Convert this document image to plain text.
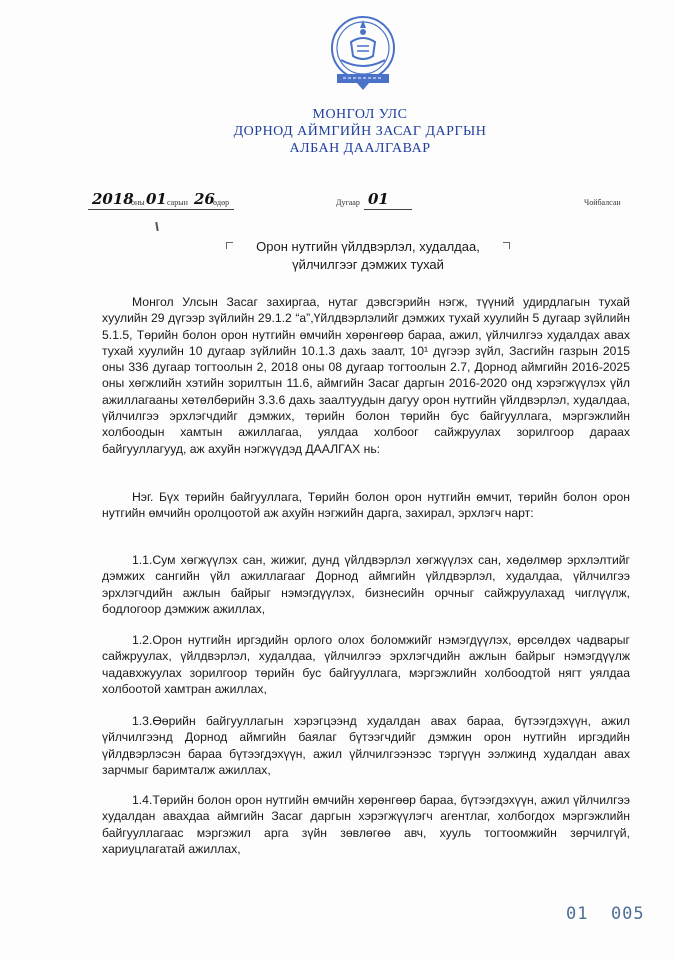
МОНГОЛ УЛС
ДОРНОД АЙМГИЙН ЗАСАГ ДАРГЫН
АЛБАН ДААЛГАВАР
2018
оны 01 сарын 26
өдөр	Дугаар 01	Чойбалсан
Орон нутгийн үйлдвэрлэл, худалдаа,
үйлчилгээг дэмжих тухай
Монгол Улсын Засаг захиргаа, нутаг дэвсгэрийн нэгж, түүний удирдлагын тухай хуулийн 29 дүгээр зүйлийн 29.1.2 “а”,Үйлдвэрлэлийг дэмжих тухай хуулийн 5 дугаар зүйлийн 5.1.5, Төрийн болон орон нутгийн өмчийн хөрөнгөөр бараа, ажил, үйлчилгээ худалдах авах тухай хуулийн 10 дугаар зүйлийн 10.1.3 дахь заалт, 10¹ дүгээр зүйл, Засгийн газрын 2015 оны 336 дугаар тогтоолын 2, 2018 оны 08 дугаар тогтоолын 2.7, Дорнод аймгийн 2016-2025 оны хөгжлийн хэтийн зорилтын 11.6, аймгийн Засаг даргын 2016-2020 онд хэрэгжүүлэх үйл ажиллагааны хөтөлбөрийн 3.3.6 дахь заалтуудын дагуу орон нутгийн үйлдвэрлэл, худалдаа, үйлчилгээ эрхлэгчдийг дэмжих, төрийн болон төрийн бус байгууллага, мэргэжлийн холбоодын хамтын ажиллагаа, уялдаа холбоог сайжруулах зорилгоор дараах байгууллагууд, аж ахуйн нэгжүүдэд ДААЛГАХ нь:
Нэг. Бүх төрийн байгууллага, Төрийн болон орон нутгийн өмчит, төрийн болон орон нутгийн өмчийн оролцоотой аж ахуйн нэгжийн дарга, захирал, эрхлэгч нарт:
1.1.Сум хөгжүүлэх сан, жижиг, дунд үйлдвэрлэл хөгжүүлэх сан, хөдөлмөр эрхлэлтийг дэмжих сангийн үйл ажиллагааг Дорнод аймгийн үйлдвэрлэл, худалдаа, үйлчилгээ эрхлэгчдийн ажлын байрыг нэмэгдүүлэх, бизнесийн орчныг сайжруулахад чиглүүлж, бодлогоор дэмжиж ажиллах,
1.2.Орон нутгийн иргэдийн орлого олох боломжийг нэмэгдүүлэх, өрсөлдөх чадварыг сайжруулах, үйлдвэрлэл, худалдаа, үйлчилгээ эрхлэгчдийн ажлын байрыг нэмэгдүүлж чадавхжуулах зорилгоор төрийн бус байгууллага, мэргэжлийн холбоодтой нягт уялдаа холбоотой хамтран ажиллах,
1.3.Өөрийн байгууллагын хэрэгцээнд худалдан авах бараа, бүтээгдэхүүн, ажил үйлчилгээнд Дорнод аймгийн баялаг бүтээгчдийг дэмжин орон нутгийн иргэдийн үйлдвэрлэсэн бараа бүтээгдэхүүн, ажил үйлчилгээнээс тэргүүн ээлжинд худалдан авах зарчмыг баримталж ажиллах,
1.4.Төрийн болон орон нутгийн өмчийн хөрөнгөөр бараа, бүтээгдэхүүн, ажил үйлчилгээ худалдан авахдаа аймгийн Засаг даргын хэрэгжүүлэгч агентлаг, холбогдох мэргэжлийн байгууллагаас мэргэжил арга зүйн зөвлөгөө авч, хууль тогтоомжийн зөрчилгүй, хариуцлагатай ажиллах,
01  005
